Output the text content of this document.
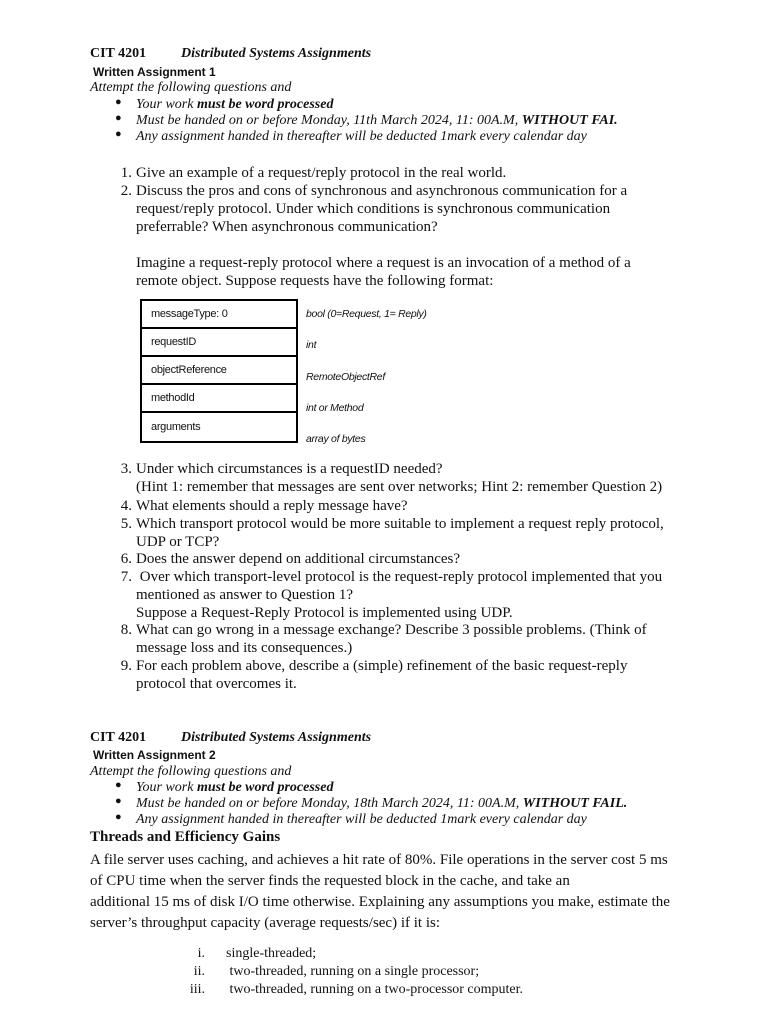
CIT 4201 Distributed Systems Assignments
Written Assignment 1
Attempt the following questions and
● Your work must be word processed
● Must be handed on or before Monday, 11th March 2024, 11: 00A.M, WITHOUT FAI.
● Any assignment handed in thereafter will be deducted 1mark every calendar day
1. Give an example of a request/reply protocol in the real world.
2. Discuss the pros and cons of synchronous and asynchronous communication for a
request/reply protocol. Under which conditions is synchronous communication
preferrable? When asynchronous communication?
Imagine a request-reply protocol where a request is an invocation of a method of a
remote object. Suppose requests have the following format:
messageType: 0
requestID
objectReference
methodId
arguments
bool (0=Request, 1= Reply)
int
RemoteObjectRef
int or Method
array of bytes
3. Under which circumstances is a requestID needed?
(Hint 1: remember that messages are sent over networks; Hint 2: remember Question 2)
4. What elements should a reply message have?
5. Which transport protocol would be more suitable to implement a request reply protocol,
UDP or TCP?
6. Does the answer depend on additional circumstances?
7. Over which transport-level protocol is the request-reply protocol implemented that you
mentioned as answer to Question 1?
Suppose a Request-Reply Protocol is implemented using UDP.
8. What can go wrong in a message exchange? Describe 3 possible problems. (Think of
message loss and its consequences.)
9. For each problem above, describe a (simple) refinement of the basic request-reply
protocol that overcomes it.
CIT 4201 Distributed Systems Assignments
Written Assignment 2
Attempt the following questions and
● Your work must be word processed
● Must be handed on or before Monday, 18th March 2024, 11: 00A.M, WITHOUT FAIL.
● Any assignment handed in thereafter will be deducted 1mark every calendar day
Threads and Efficiency Gains
A file server uses caching, and achieves a hit rate of 80%. File operations in the server cost 5 ms
of CPU time when the server finds the requested block in the cache, and take an
additional 15 ms of disk I/O time otherwise. Explaining any assumptions you make, estimate the
server’s throughput capacity (average requests/sec) if it is:
i. single-threaded;
ii. two-threaded, running on a single processor;
iii. two-threaded, running on a two-processor computer.
